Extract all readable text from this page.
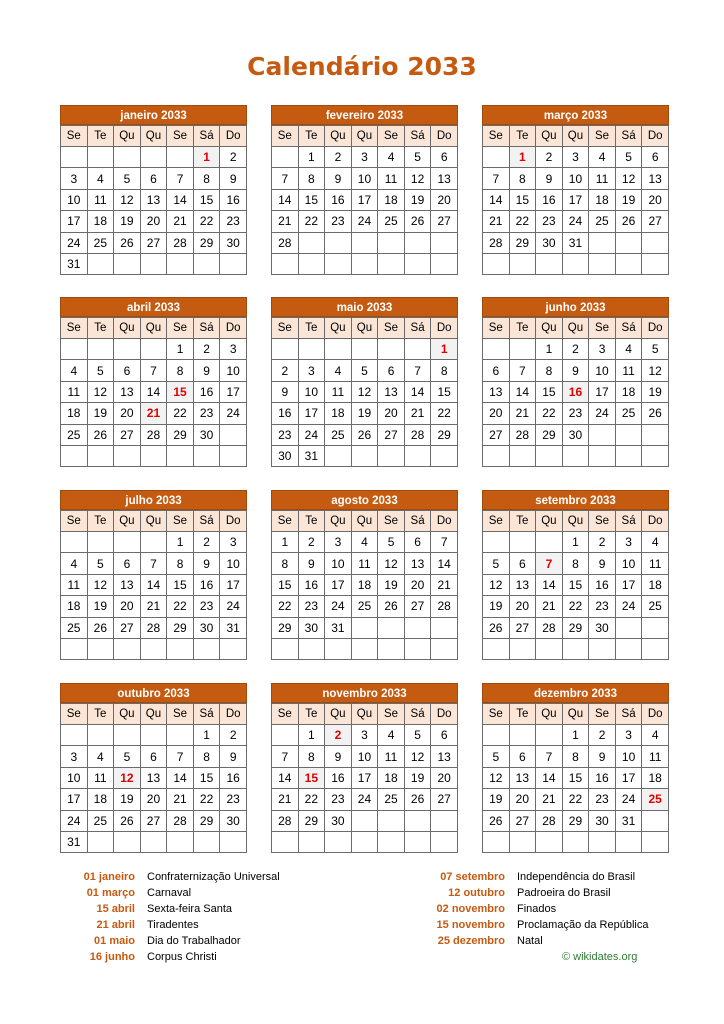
Calendário 2033
janeiro 2033
Se	Te	Qu	Qu	Se	Sá	Do
					1	2
3	4	5	6	7	8	9
10	11	12	13	14	15	16
17	18	19	20	21	22	23
24	25	26	27	28	29	30
31						
fevereiro 2033
Se	Te	Qu	Qu	Se	Sá	Do
	1	2	3	4	5	6
7	8	9	10	11	12	13
14	15	16	17	18	19	20
21	22	23	24	25	26	27
28						

março 2033
Se	Te	Qu	Qu	Se	Sá	Do
	1	2	3	4	5	6
7	8	9	10	11	12	13
14	15	16	17	18	19	20
21	22	23	24	25	26	27
28	29	30	31			

abril 2033
Se	Te	Qu	Qu	Se	Sá	Do
				1	2	3
4	5	6	7	8	9	10
11	12	13	14	15	16	17
18	19	20	21	22	23	24
25	26	27	28	29	30	

maio 2033
Se	Te	Qu	Qu	Se	Sá	Do
						1
2	3	4	5	6	7	8
9	10	11	12	13	14	15
16	17	18	19	20	21	22
23	24	25	26	27	28	29
30	31					
junho 2033
Se	Te	Qu	Qu	Se	Sá	Do
		1	2	3	4	5
6	7	8	9	10	11	12
13	14	15	16	17	18	19
20	21	22	23	24	25	26
27	28	29	30			

julho 2033
Se	Te	Qu	Qu	Se	Sá	Do
				1	2	3
4	5	6	7	8	9	10
11	12	13	14	15	16	17
18	19	20	21	22	23	24
25	26	27	28	29	30	31

agosto 2033
Se	Te	Qu	Qu	Se	Sá	Do
1	2	3	4	5	6	7
8	9	10	11	12	13	14
15	16	17	18	19	20	21
22	23	24	25	26	27	28
29	30	31				

setembro 2033
Se	Te	Qu	Qu	Se	Sá	Do
			1	2	3	4
5	6	7	8	9	10	11
12	13	14	15	16	17	18
19	20	21	22	23	24	25
26	27	28	29	30		

outubro 2033
Se	Te	Qu	Qu	Se	Sá	Do
					1	2
3	4	5	6	7	8	9
10	11	12	13	14	15	16
17	18	19	20	21	22	23
24	25	26	27	28	29	30
31						
novembro 2033
Se	Te	Qu	Qu	Se	Sá	Do
	1	2	3	4	5	6
7	8	9	10	11	12	13
14	15	16	17	18	19	20
21	22	23	24	25	26	27
28	29	30				

dezembro 2033
Se	Te	Qu	Qu	Se	Sá	Do
			1	2	3	4
5	6	7	8	9	10	11
12	13	14	15	16	17	18
19	20	21	22	23	24	25
26	27	28	29	30	31	

01 janeiro	Confraternização Universal
01 março	Carnaval
15 abril	Sexta-feira Santa
21 abril	Tiradentes
01 maio	Dia do Trabalhador
16 junho	Corpus Christi
07 setembro	Independência do Brasil
12 outubro	Padroeira do Brasil
02 novembro	Finados
15 novembro	Proclamação da República
25 dezembro	Natal
© wikidates.org
